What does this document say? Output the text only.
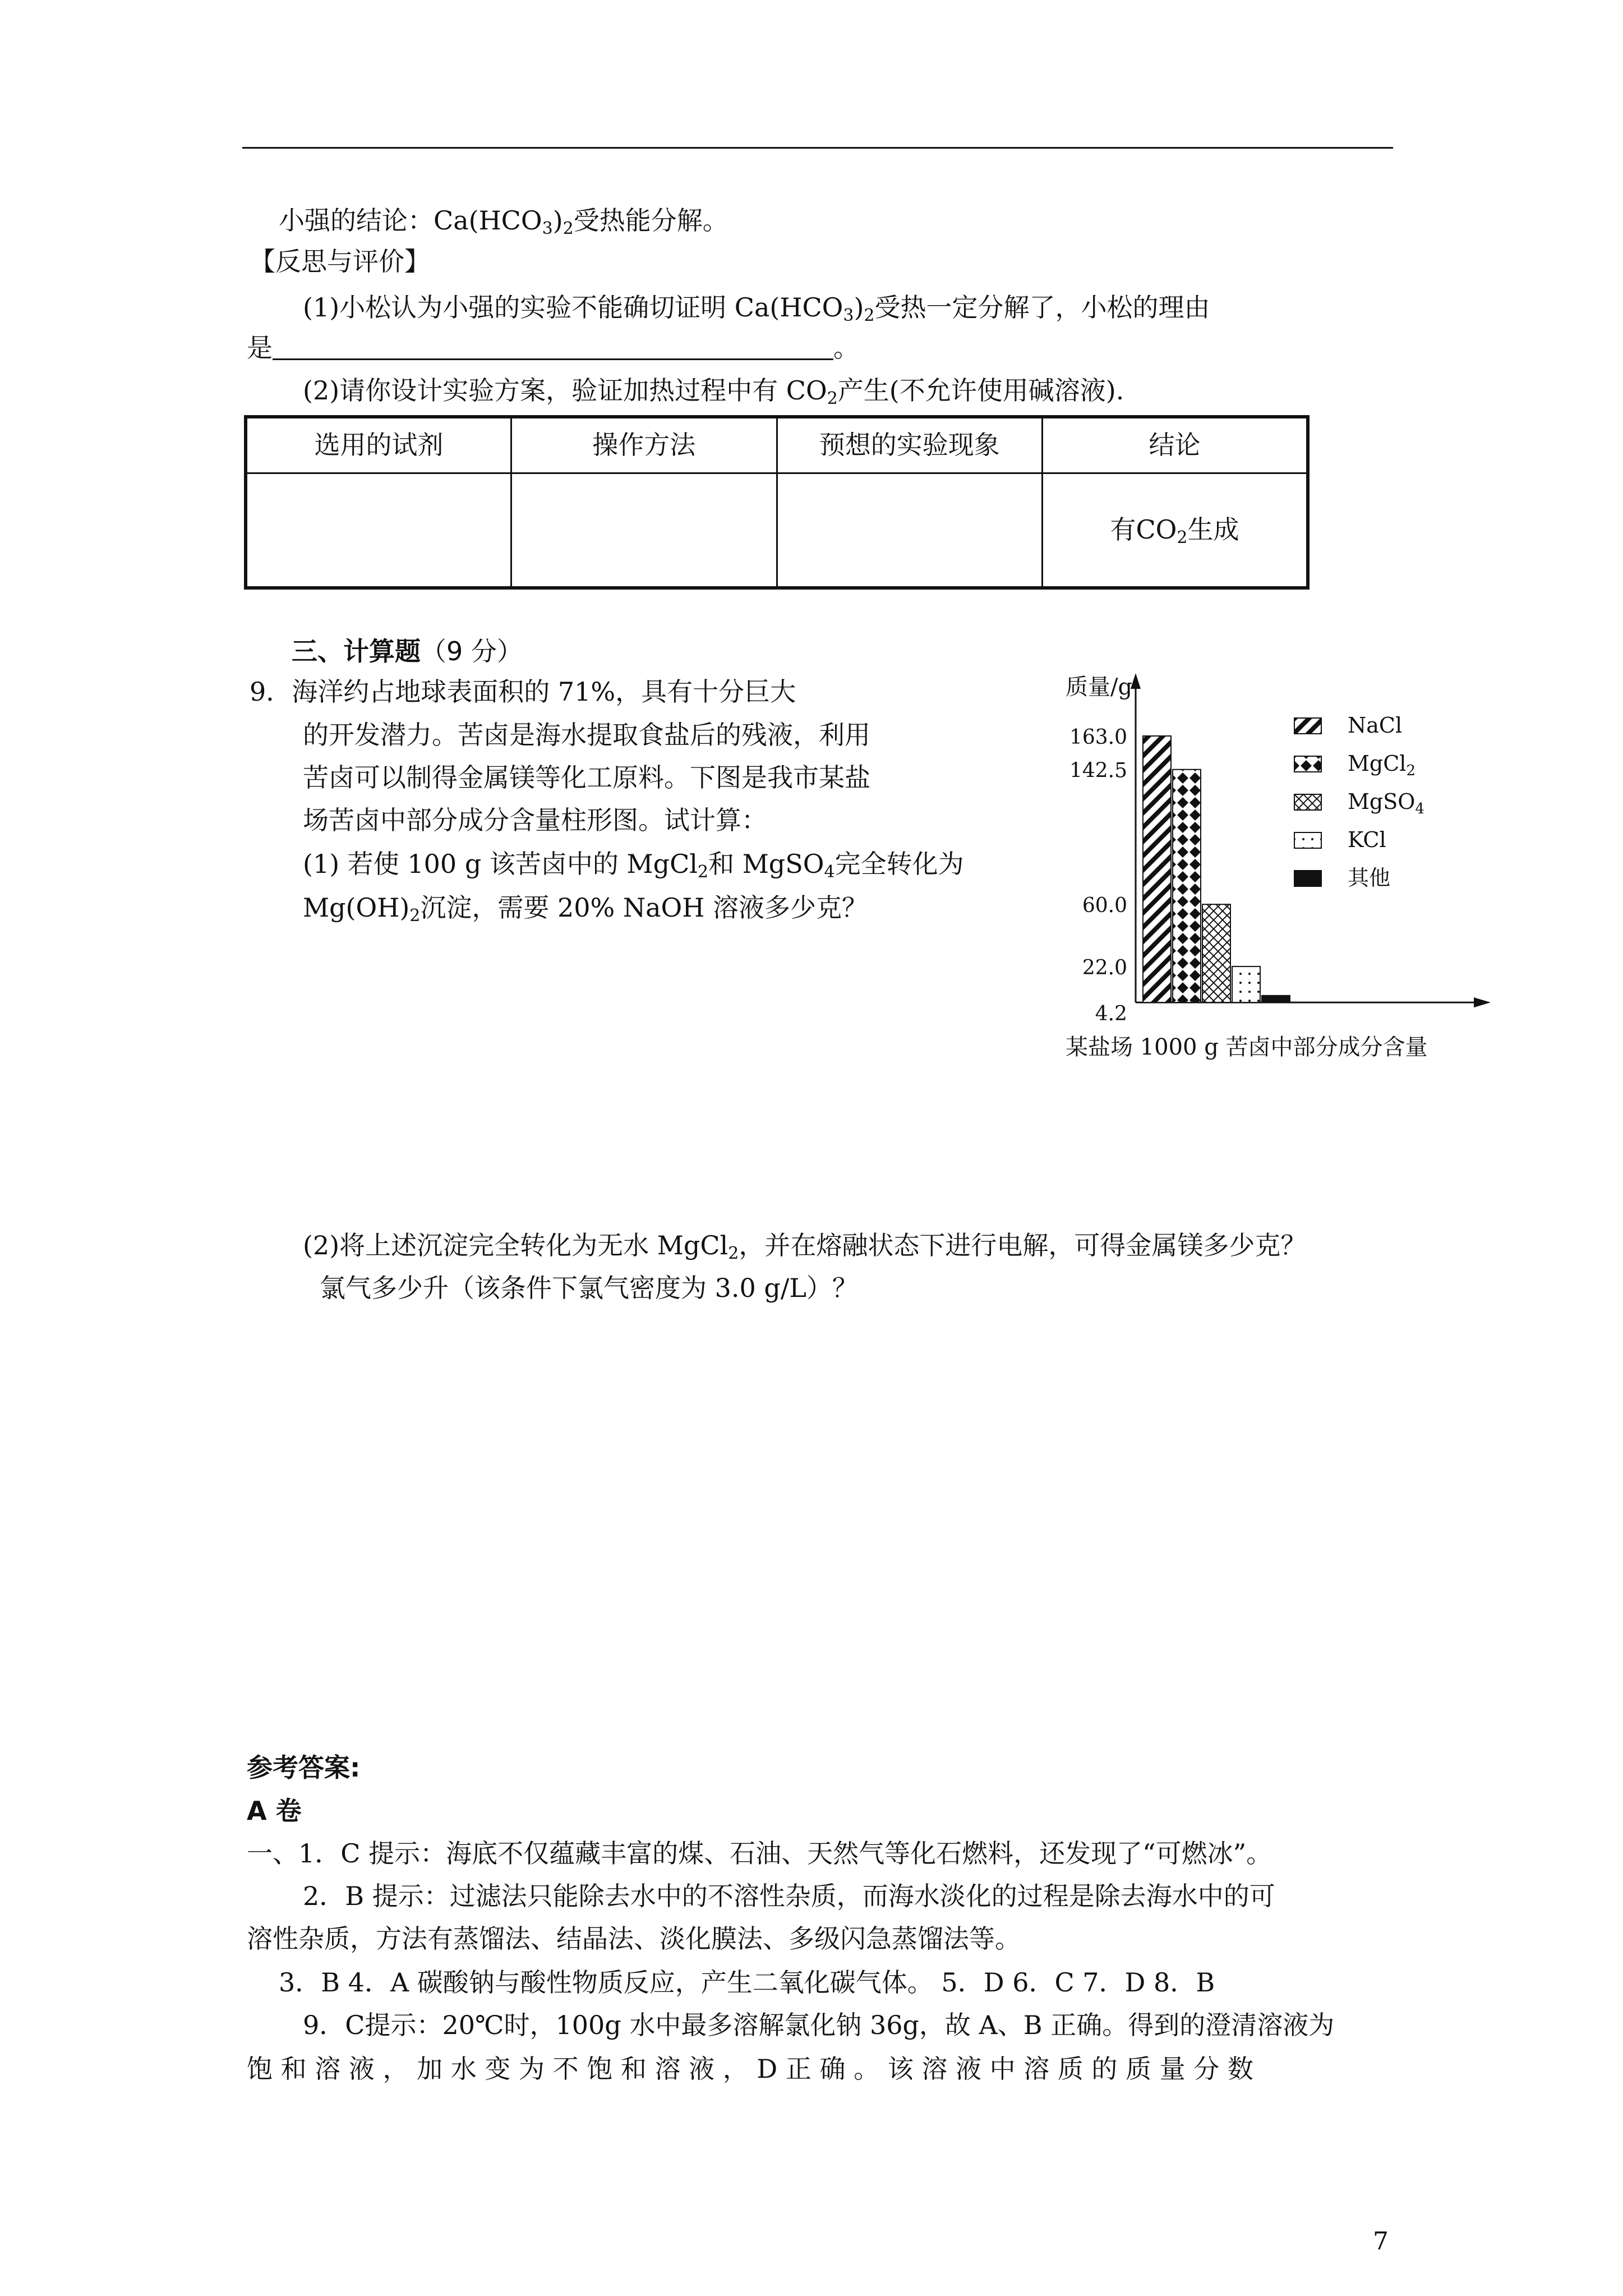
小强的结论：$Ca(HCO_3)_2$受热能分解。
【反思与评价】
(1)小松认为小强的实验不能确切证明 $Ca(HCO_3)_2$受热一定分解了，小松的理由
是	。
(2)请你设计实验方案，验证加热过程中有 $CO_2$产生(不允许使用碱溶液).
选用的试剂	操作方法	预想的实验现象	结论
			有$CO_2$生成
三、计算题（9 分）
9．海洋约占地球表面积的 71%，具有十分巨大
的开发潜力。苦卤是海水提取食盐后的残液，利用
苦卤可以制得金属镁等化工原料。下图是我市某盐
场苦卤中部分成分含量柱形图。试计算：
(1) 若使 100 g 该苦卤中的 MgCl$_2$和 MgSO$_4$完全转化为
$Mg(OH)_2$沉淀，需要 20% NaOH 溶液多少克？
质量/g
163.0
142.5
60.0
22.0
4.2
NaCl
MgCl$_2$
MgSO$_4$
KCl
其他
某盐场 1000 g 苦卤中部分成分含量
(2)将上述沉淀完全转化为无水 MgCl$_2$，并在熔融状态下进行电解，可得金属镁多少克？
氯气多少升（该条件下氯气密度为 3.0 g/L）？
参考答案:
A 卷
一、1．C 提示：海底不仅蕴藏丰富的煤、石油、天然气等化石燃料，还发现了“可燃冰”。
2．B 提示：过滤法只能除去水中的不溶性杂质，而海水淡化的过程是除去海水中的可
溶性杂质，方法有蒸馏法、结晶法、淡化膜法、多级闪急蒸馏法等。
3．B 4．A 碳酸钠与酸性物质反应，产生二氧化碳气体。 5．D 6．C 7．D 8．B
9．C提示：20℃时，100g 水中最多溶解氯化钠 36g，故 A、B 正确。得到的澄清溶液为
饱 和 溶 液 ， 加 水 变 为 不 饱 和 溶 液 ， D 正 确 。 该 溶 液 中 溶 质 的 质 量 分 数
7
